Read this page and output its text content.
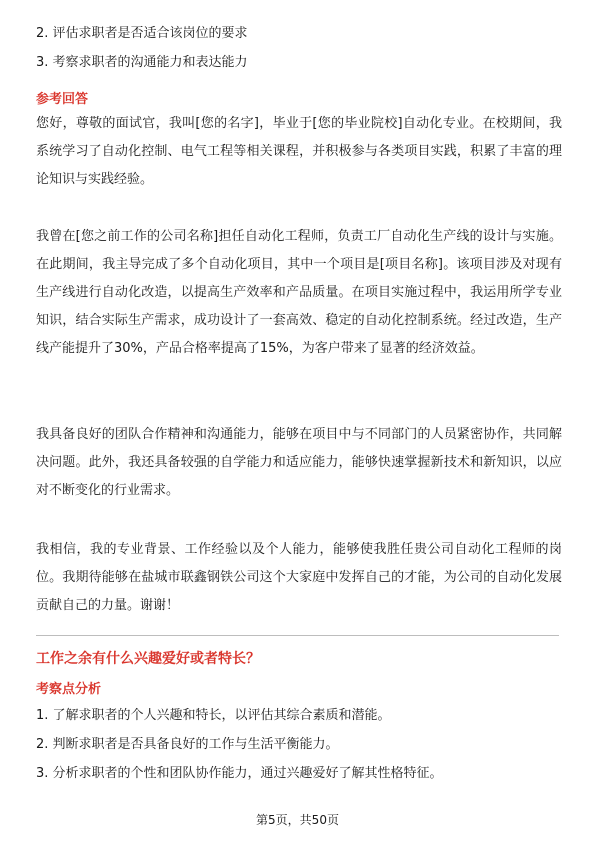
2. 评估求职者是否适合该岗位的要求
3. 考察求职者的沟通能力和表达能力
参考回答
您好，尊敬的面试官，我叫[您的名字]，毕业于[您的毕业院校]自动化专业。在校期间，我系统学习了自动化控制、电气工程等相关课程，并积极参与各类项目实践，积累了丰富的理论知识与实践经验。
我曾在[您之前工作的公司名称]担任自动化工程师，负责工厂自动化生产线的设计与实施。在此期间，我主导完成了多个自动化项目，其中一个项目是[项目名称]。该项目涉及对现有生产线进行自动化改造，以提高生产效率和产品质量。在项目实施过程中，我运用所学专业知识，结合实际生产需求，成功设计了一套高效、稳定的自动化控制系统。经过改造，生产线产能提升了30%，产品合格率提高了15%，为客户带来了显著的经济效益。
我具备良好的团队合作精神和沟通能力，能够在项目中与不同部门的人员紧密协作，共同解决问题。此外，我还具备较强的自学能力和适应能力，能够快速掌握新技术和新知识，以应对不断变化的行业需求。
我相信，我的专业背景、工作经验以及个人能力，能够使我胜任贵公司自动化工程师的岗位。我期待能够在盐城市联鑫钢铁公司这个大家庭中发挥自己的才能，为公司的自动化发展贡献自己的力量。谢谢！
工作之余有什么兴趣爱好或者特长？
考察点分析
1. 了解求职者的个人兴趣和特长，以评估其综合素质和潜能。
2. 判断求职者是否具备良好的工作与生活平衡能力。
3. 分析求职者的个性和团队协作能力，通过兴趣爱好了解其性格特征。
第5页，共50页
